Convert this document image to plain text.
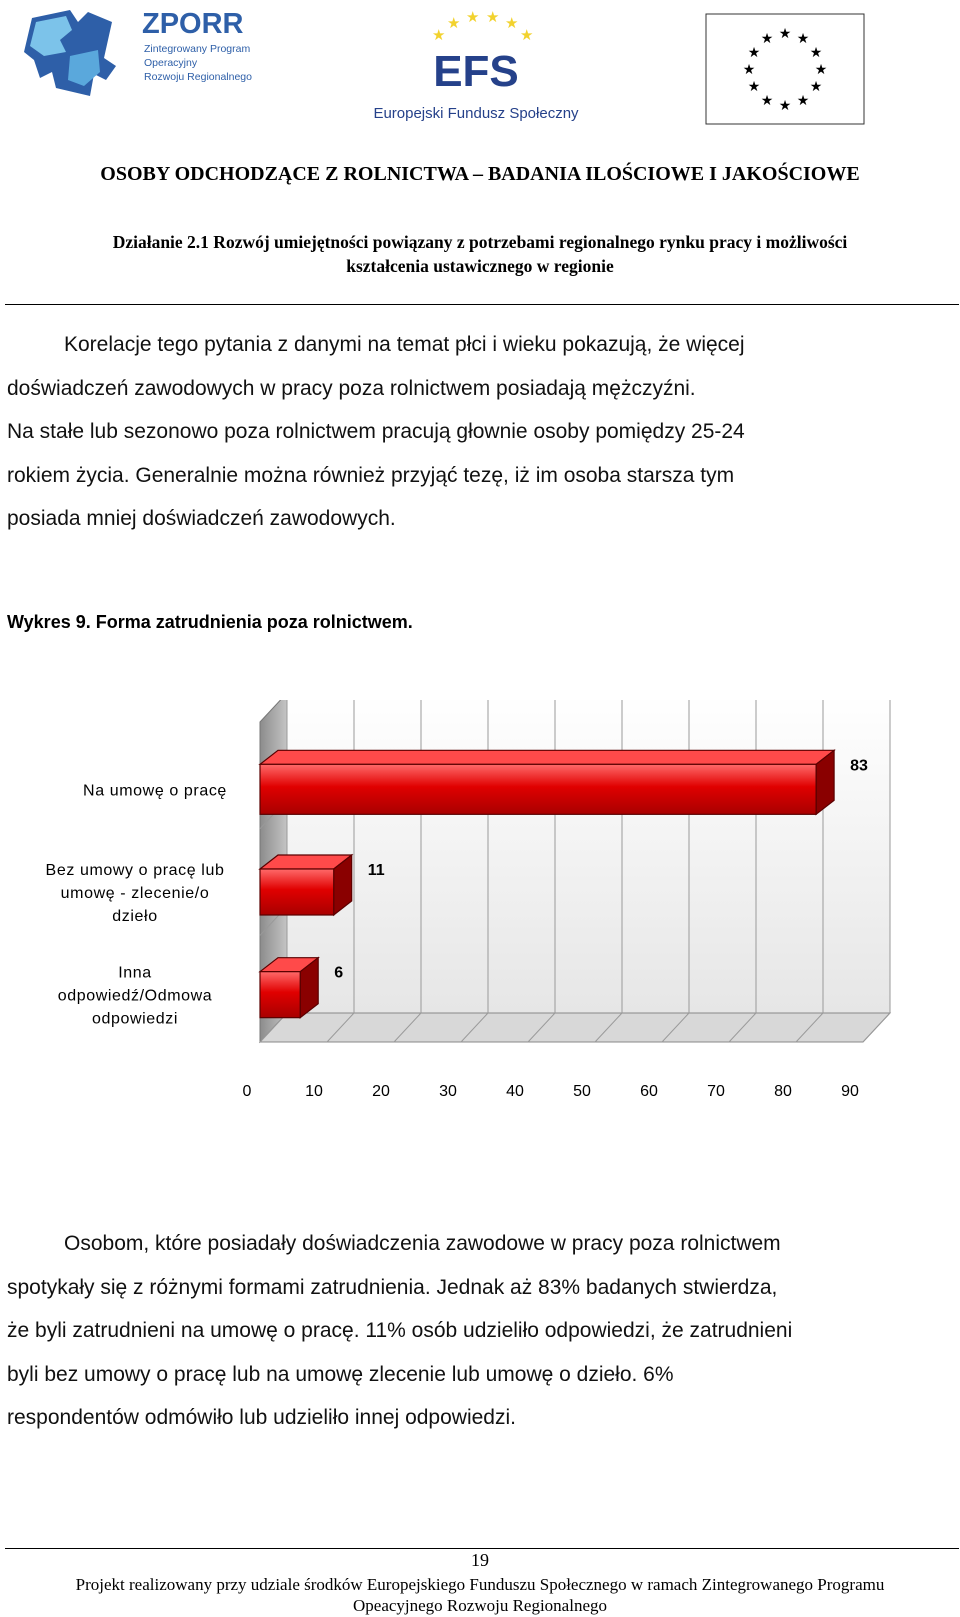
ZPORR
Zintegrowany Program
Operacyjny
Rozwoju Regionalnego
★
★ ★ ★ ★
★
EFS
Europejski Fundusz Społeczny
★ ★
★
★
★
★
★
★
★
★
★
★
OSOBY ODCHODZĄCE Z ROLNICTWA – BADANIA ILOŚCIOWE I JAKOŚCIOWE
Działanie 2.1 Rozwój umiejętności powiązany z potrzebami regionalnego rynku pracy i możliwości
kształcenia ustawicznego w regionie
Korelacje tego pytania z danymi na temat płci i wieku pokazują, że więcej
doświadczeń zawodowych w pracy poza rolnictwem posiadają mężczyźni.
Na stałe lub sezonowo poza rolnictwem pracują głownie osoby pomiędzy 25-24
rokiem życia. Generalnie można również przyjąć tezę, iż im osoba starsza tym
posiada mniej doświadczeń zawodowych.
Wykres 9. Forma zatrudnienia poza rolnictwem.
0	10	20	30	40	50	60	70	80	90
83
Na umowę o pracę
11
Bez umowy o pracę lub
umowę - zlecenie/o
dzieło
6
Inna
odpowiedź/Odmowa
odpowiedzi
Osobom, które posiadały doświadczenia zawodowe w pracy poza rolnictwem
spotykały się z różnymi formami zatrudnienia. Jednak aż 83% badanych stwierdza,
że byli zatrudnieni na umowę o pracę. 11% osób udzieliło odpowiedzi, że zatrudnieni
byli bez umowy o pracę lub na umowę zlecenie lub umowę o dzieło. 6%
respondentów odmówiło lub udzieliło innej odpowiedzi.
19
Projekt realizowany przy udziale środków Europejskiego Funduszu Społecznego w ramach Zintegrowanego Programu
Opeacyjnego Rozwoju Regionalnego
